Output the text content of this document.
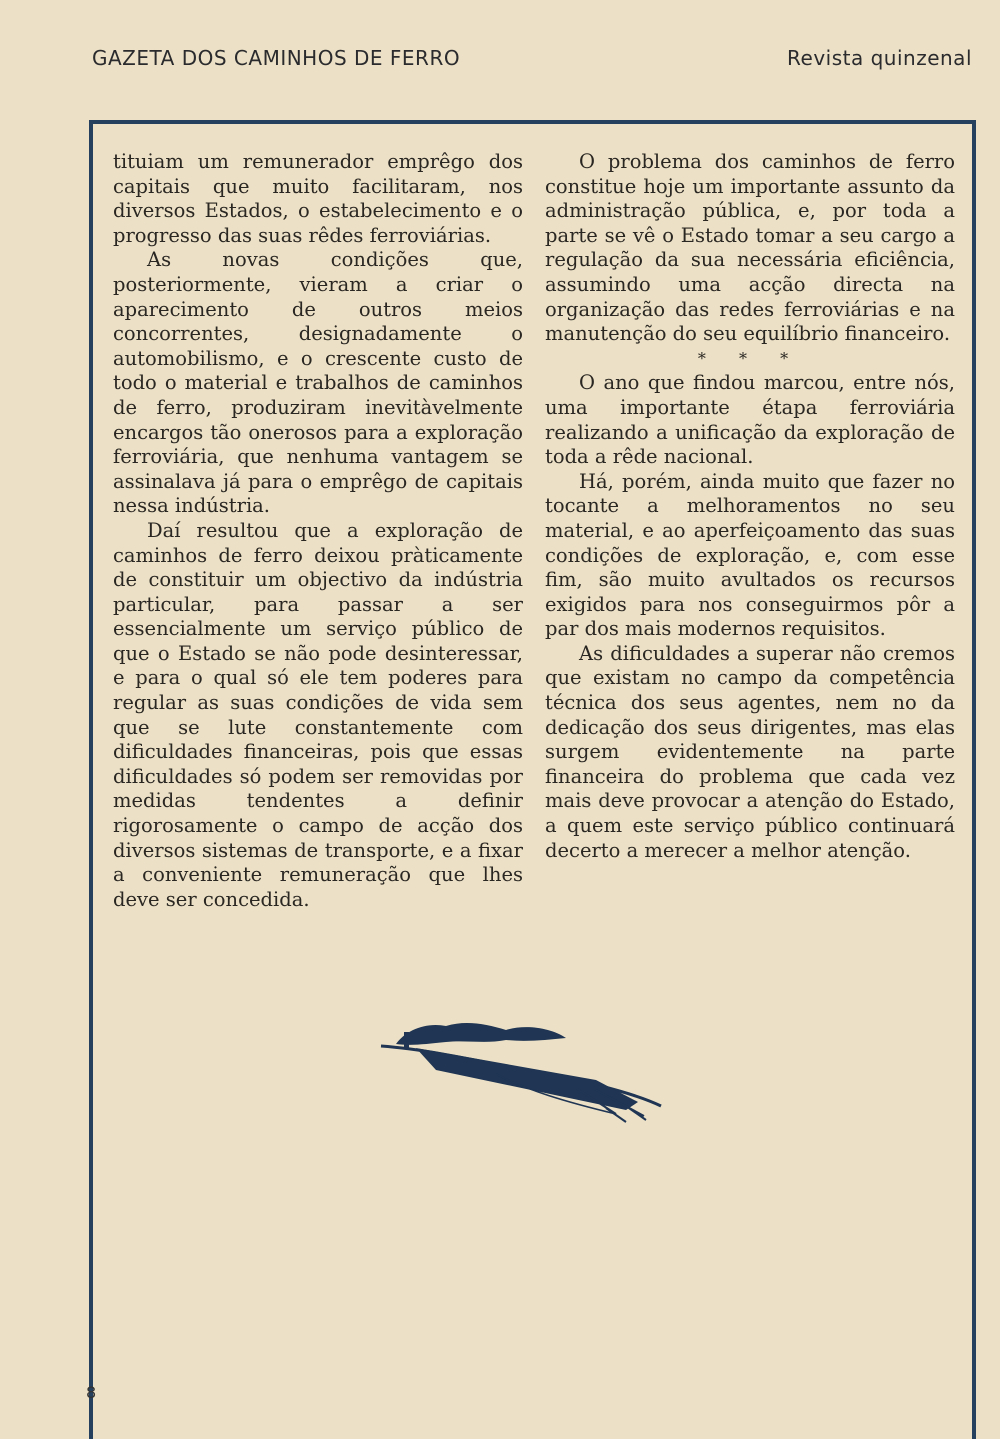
GAZETA DOS CAMINHOS DE FERRO	Revista quinzenal

tituiam um remunerador emprêgo dos capitais que muito facilitaram, nos diversos Estados, o estabelecimento e o progresso das suas rêdes ferroviárias.

As novas condições que, posteriormente, vieram a criar o aparecimento de outros meios concorrentes, designadamente o automobilismo, e o crescente custo de todo o material e trabalhos de caminhos de ferro, produziram inevitàvelmente encargos tão onerosos para a exploração ferroviária, que nenhuma vantagem se assinalava já para o emprêgo de capitais nessa indústria.

Daí resultou que a exploração de caminhos de ferro deixou pràticamente de constituir um objectivo da indústria particular, para passar a ser essencialmente um serviço público de que o Estado se não pode desinteressar, e para o qual só ele tem poderes para regular as suas condições de vida sem que se lute constantemente com dificuldades financeiras, pois que essas dificuldades só podem ser removidas por medidas tendentes a definir rigorosamente o campo de acção dos diversos sistemas de transporte, e a fixar a conveniente remuneração que lhes deve ser concedida.

O problema dos caminhos de ferro constitue hoje um importante assunto da administração pública, e, por toda a parte se vê o Estado tomar a seu cargo a regulação da sua necessária eficiência, assumindo uma acção directa na organização das redes ferroviárias e na manutenção do seu equilíbrio financeiro.

* * *

O ano que findou marcou, entre nós, uma importante étapa ferroviária realizando a unificação da exploração de toda a rêde nacional.

Há, porém, ainda muito que fazer no tocante a melhoramentos no seu material, e ao aperfeiçoamento das suas condições de exploração, e, com esse fim, são muito avultados os recursos exigidos para nos conseguirmos pôr a par dos mais modernos requisitos.

As dificuldades a superar não cremos que existam no campo da competência técnica dos seus agentes, nem no da dedicação dos seus dirigentes, mas elas surgem evidentemente na parte financeira do problema que cada vez mais deve provocar a atenção do Estado, a quem este serviço público continuará decerto a merecer a melhor atenção.

8
